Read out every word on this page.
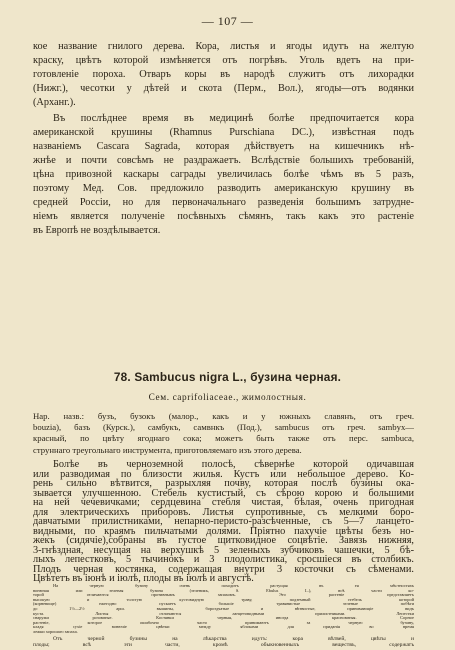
— 107 —
кое название гнилого дерева. Кора, листья и ягоды идутъ на желтую
краску, цвѣтъ которой измѣняется отъ погрѣвъ. Уголь вдетъ на при-
готовленіе пороха. Отваръ коры въ народѣ служитъ отъ лихорадки
(Нижг.), чесотки у дѣтей и скота (Перм., Вол.), ягоды—отъ водянки
(Арханг.).
Въ послѣднее время въ медицинѣ болѣе предпочитается кора
американской крушины (Rhamnus Purschiana DC.), извѣстная подъ
названіемъ Cascara Sagrada, которая дѣйствуетъ на кишечникъ нѣ-
жнѣе и почти совсѣмъ не раздражаетъ. Вслѣдствіе большихъ требованій,
цѣна привозной каскары саграды увеличилась болѣе чѣмъ въ 5 разъ,
поэтому Мед. Сов. предложило разводить американскую крушину въ
средней Россіи, но для первоначальнаго разведенія большимъ затрудне-
ніемъ является полученіе посѣвныхъ сѣмянъ, такъ какъ это растеніе
въ Европѣ не воздѣлывается.
78. Sambucus nigra L., бузина черная.
Сем. caprifoliaceae., жимолостныя.
Нар. назв.: бузъ, бузокъ (малор., какъ и у южныхъ славянъ, отъ греч.
bouzia), базъ (Курск.), самбукъ, самвнкъ (Под.), sambucus отъ греч. sambyx—
красный, по цвѣту ягоднаго сока; можетъ быть также отъ перс. sambuca,
струннаго треугольнаго инструмента, приготовляемаго изъ этого дерева.
Болѣе въ черноземной полосѣ, сѣвернѣе которой одичавшая
или разводимая по близости жилья. Кустъ или небольшое дерево. Ко-
рень сильно вѣтвится, разрыхляя почву, которая послѣ бузины ока-
зывается улучшенною. Стебель кустистый, съ сѣрою корою и большими
на ней чечевичками; сердцевина стебля чистая, бѣлая, очень пригодная
для электрическихъ приборовъ. Листья супротивные, съ мелкими боро-
давчатыми прилистниками, непарно-перисто-разсѣченные, съ 5—7 ланцето-
видными, по краямъ пильчатыми долями. Пріятно пахучіе цвѣты безъ но-
жекъ (сидячіе),собраны въ густое щитковидное соцвѣтіе. Завязь нижняя,
3-гнѣздная, несущая на верхушкѣ 5 зеленыхъ зубчиковъ чашечки, 5 бѣ-
лыхъ лепестковъ, 5 тычинокъ и 3 плодолистика, сросшіеся въ столбикъ.
Плодъ черная костянка, содержащая внутри 3 косточки съ сѣменами.
Цвѣтетъ въ іюнѣ и іюлѣ, плоды въ іюлѣ и августѣ.
На черную бузину очень походитъ растущая въ ея мѣстностяхъ
вонючая или зеленая бузина (зеленикъ, S. Ebulus L.), всѣ части ко-
торой отличаются противнымъ запахомъ. Это растеніе представляетъ
высокую и толстую кустовидную траву, подземный стебель которой
(корневище) ежегодно пускаетъ большіе травянистые зеленые побѣги
до 1½—2½ арш. вышины, бороздчатые и вѣтвистые, принимающіе видъ
куста. Листья отличаются ланцетовидными прилистниками. Лепестки
снаружи розоватые. Костянки черныя, иногда красноватыя. Сорное
растеніе, которое ошибочно часто принимаютъ за черную бузину,
кладя сухіе вонючіе цвѣтки между яблоками для приданія во время
лежки хорошаго запаха.
Отъ черной бузины на лѣкарства идутъ: кора вѣтвей, цвѣты и
плоды; всѣ эти части, кромѣ обыкновенныхъ веществъ, содержатъ
